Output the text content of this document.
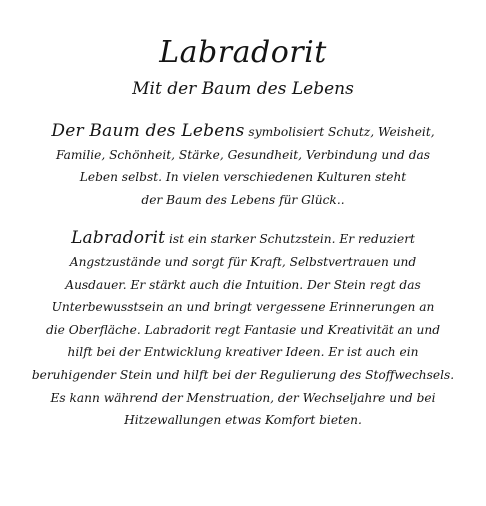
Labradorit
Mit der Baum des Lebens

Der Baum des Lebens symbolisiert Schutz, Weisheit,
Familie, Schönheit, Stärke, Gesundheit, Verbindung und das
Leben selbst. In vielen verschiedenen Kulturen steht
der Baum des Lebens für Glück..

Labradorit ist ein starker Schutzstein. Er reduziert
Angstzustände und sorgt für Kraft, Selbstvertrauen und
Ausdauer. Er stärkt auch die Intuition. Der Stein regt das
Unterbewusstsein an und bringt vergessene Erinnerungen an
die Oberfläche. Labradorit regt Fantasie und Kreativität an und
hilft bei der Entwicklung kreativer Ideen. Er ist auch ein
beruhigender Stein und hilft bei der Regulierung des Stoffwechsels.
Es kann während der Menstruation, der Wechseljahre und bei
Hitzewallungen etwas Komfort bieten.
